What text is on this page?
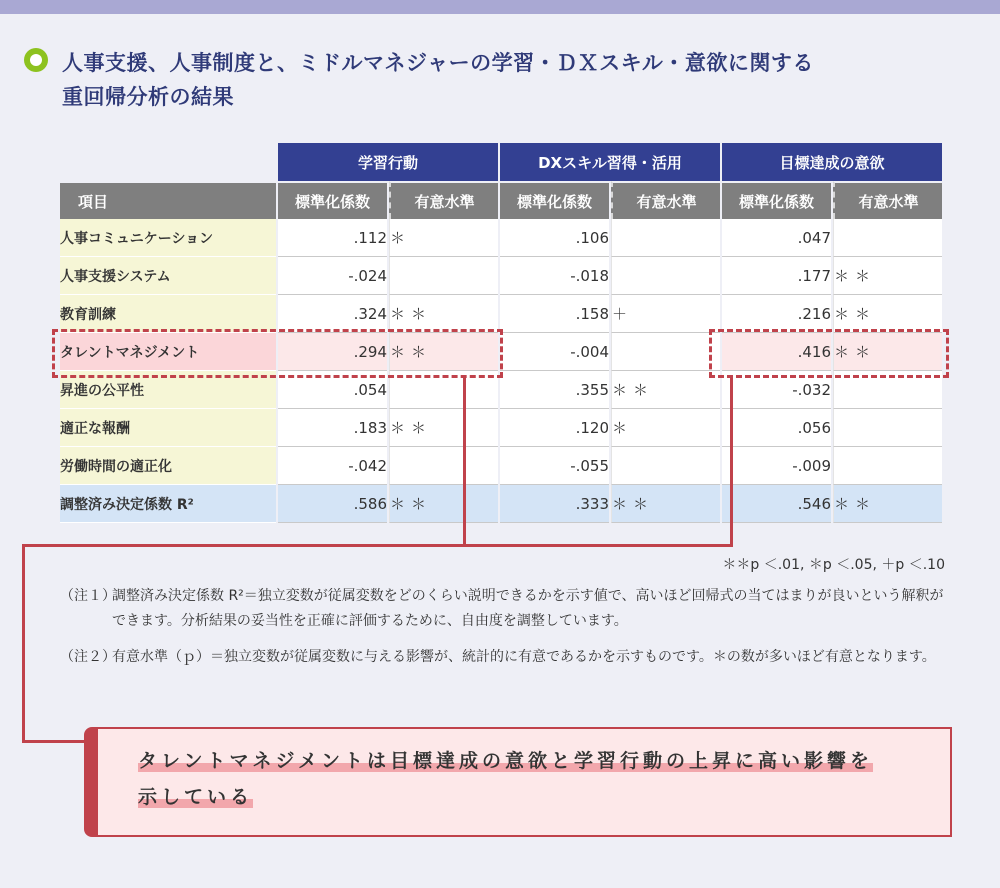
人事支援、人事制度と、ミドルマネジャーの学習・ＤＸスキル・意欲に関する
重回帰分析の結果
	学習行動		DXスキル習得・活用		目標達成の意欲	
項目	標準化係数	有意水準	標準化係数	有意水準	標準化係数	有意水準
人事コミュニケーション	.112	＊	.106		.047	
人事支援システム	-.024		-.018		.177	＊＊
教育訓練	.324	＊＊	.158	＋	.216	＊＊
タレントマネジメント	.294	＊＊	-.004		.416	＊＊
昇進の公平性	.054		.355	＊＊	-.032	
適正な報酬	.183	＊＊	.120	＊	.056	
労働時間の適正化	-.042		-.055		-.009	
調整済み決定係数 R²	.586	＊＊	.333	＊＊	.546	＊＊
＊＊p ＜.01, ＊p ＜.05, ＋p ＜.10
（注１）
調整済み決定係数 R²＝独立変数が従属変数をどのくらい説明できるかを示す値で、高いほど回帰式の当てはまりが良いという解釈ができます。分析結果の妥当性を正確に評価するために、自由度を調整しています。
（注２）
有意水準（ｐ）＝独立変数が従属変数に与える影響が、統計的に有意であるかを示すものです。＊の数が多いほど有意となります。
タレントマネジメントは目標達成の意欲と学習行動の上昇に高い影響を
示している
